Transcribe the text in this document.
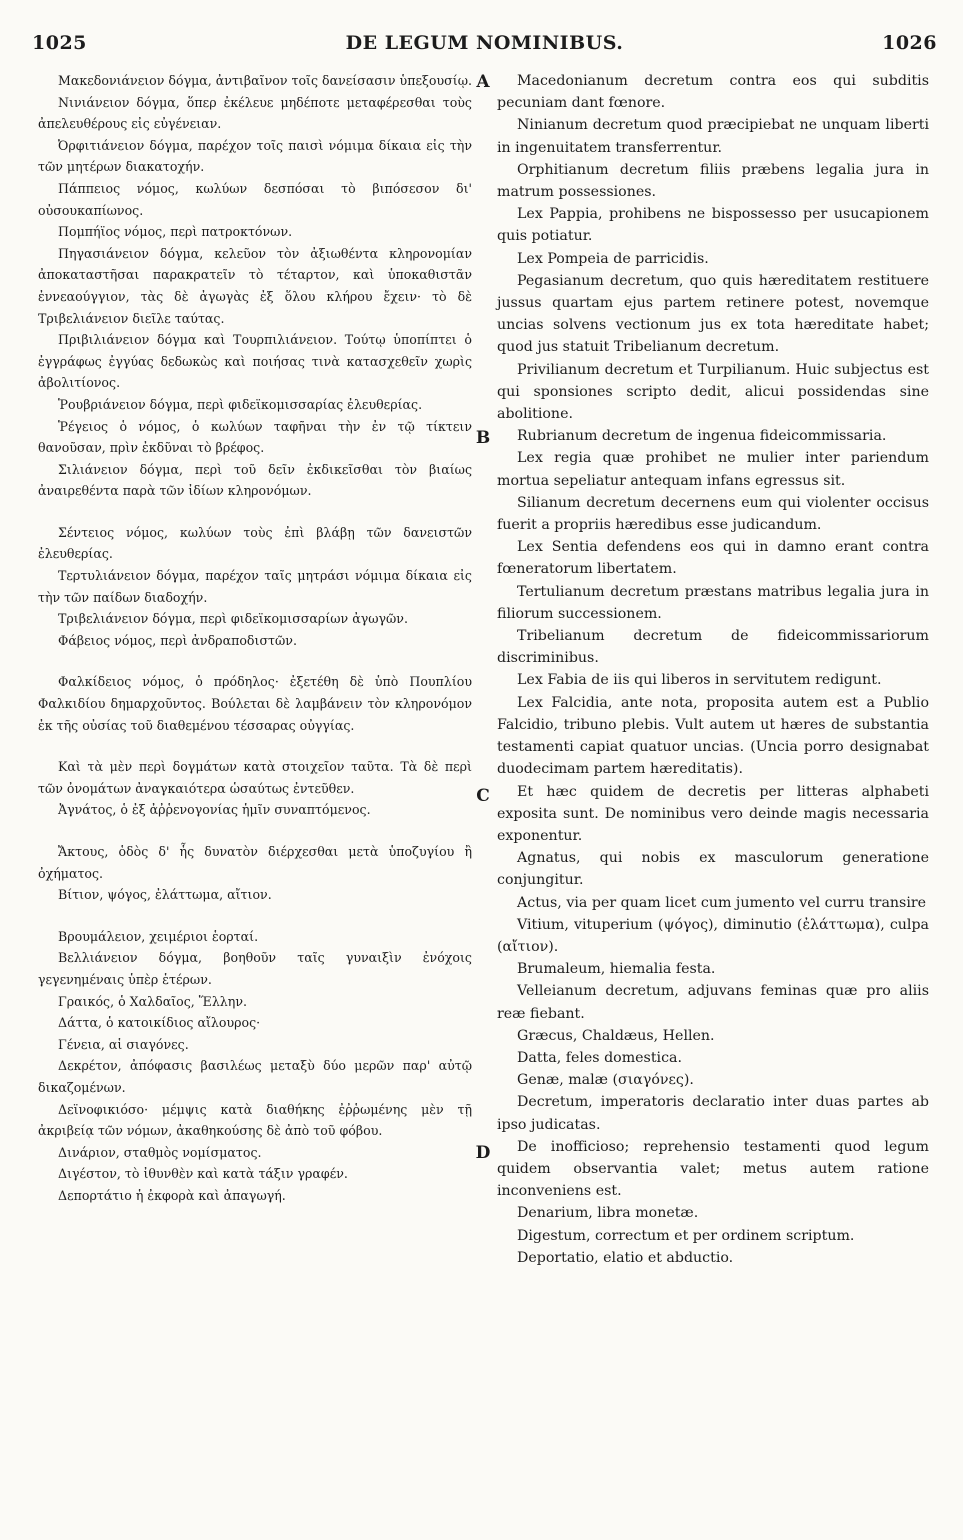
1025	DE LEGUM NOMINIBUS.	1026
A
B
C
D

Μακεδονιάνειον δόγμα, ἀντιβαῖνον τοῖς δανείσασιν ὑπεξουσίῳ.

Νινιάνειον δόγμα, ὅπερ ἐκέλευε μηδέποτε μεταφέρεσθαι τοὺς ἀπελευθέρους εἰς εὐγένειαν.

Ὀρφιτιάνειον δόγμα, παρέχον τοῖς παισὶ νόμιμα δίκαια εἰς τὴν τῶν μητέρων διακατοχήν.

Πάππειος νόμος, κωλύων δεσπόσαι τὸ βιπόσεσον δι' οὐσουκαπίωνος.

Πομπήϊος νόμος, περὶ πατροκτόνων.

Πηγασιάνειον δόγμα, κελεῦον τὸν ἀξιωθέντα κληρονομίαν ἀποκαταστῆσαι παρακρατεῖν τὸ τέταρτον, καὶ ὑποκαθιστᾶν ἐννεαούγγιον, τὰς δὲ ἀγωγὰς ἐξ ὅλου κλήρου ἔχειν· τὸ δὲ Τριβελιάνειον διεῖλε ταύτας.

Πριβιλιάνειον δόγμα καὶ Τουρπιλιάνειον. Τούτῳ ὑποπίπτει ὁ ἐγγράφως ἐγγύας δεδωκὼς καὶ ποιήσας τινὰ κατασχεθεῖν χωρὶς ἀβολιτίονος.

Ῥουβριάνειον δόγμα, περὶ φιδεϊκομισσαρίας ἐλευθερίας.

Ῥέγειος ὁ νόμος, ὁ κωλύων ταφῆναι τὴν ἐν τῷ τίκτειν θανοῦσαν, πρὶν ἐκδῦναι τὸ βρέφος.

Σιλιάνειον δόγμα, περὶ τοῦ δεῖν ἐκδικεῖσθαι τὸν βιαίως ἀναιρεθέντα παρὰ τῶν ἰδίων κληρονόμων.

Σέντειος νόμος, κωλύων τοὺς ἐπὶ βλάβῃ τῶν δανειστῶν ἐλευθερίας.

Τερτυλιάνειον δόγμα, παρέχον ταῖς μητράσι νόμιμα δίκαια εἰς τὴν τῶν παίδων διαδοχήν.

Τριβελιάνειον δόγμα, περὶ φιδεϊκομισσαρίων ἀγωγῶν.

Φάβειος νόμος, περὶ ἀνδραποδιστῶν.

Φαλκίδειος νόμος, ὁ πρόδηλος· ἐξετέθη δὲ ὑπὸ Πουπλίου Φαλκιδίου δημαρχοῦντος. Βούλεται δὲ λαμβάνειν τὸν κληρονόμον ἐκ τῆς οὐσίας τοῦ διαθεμένου τέσσαρας οὐγγίας.

Καὶ τὰ μὲν περὶ δογμάτων κατὰ στοιχεῖον ταῦτα. Τὰ δὲ περὶ τῶν ὀνομάτων ἀναγκαιότερα ὡσαύτως ἐντεῦθεν.

Ἀγνάτος, ὁ ἐξ ἀῤῥενογονίας ἡμῖν συναπτόμενος.

Ἄκτους, ὁδὸς δ' ἧς δυνατὸν διέρχεσθαι μετὰ ὑποζυγίου ἢ ὀχήματος.

Βίτιον, ψόγος, ἐλάττωμα, αἴτιον.

Βρουμάλειον, χειμέριοι ἑορταί.

Βελλιάνειον δόγμα, βοηθοῦν ταῖς γυναιξὶν ἐνόχοις γεγενημέναις ὑπὲρ ἑτέρων.

Γραικός, ὁ Χαλδαῖος, Ἕλλην.

Δάττα, ὁ κατοικίδιος αἴλουρος·

Γένεια, αἱ σιαγόνες.

Δεκρέτον, ἀπόφασις βασιλέως μεταξὺ δύο μερῶν παρ' αὐτῷ δικαζομένων.

Δεϊνοφικιόσο· μέμψις κατὰ διαθήκης ἐῤῥωμένης μὲν τῇ ἀκριβείᾳ τῶν νόμων, ἀκαθηκούσης δὲ ἀπὸ τοῦ φόβου.

Δινάριον, σταθμὸς νομίσματος.

Διγέστον, τὸ ἰθυνθὲν καὶ κατὰ τάξιν γραφέν.

Δεπορτάτιο ἡ ἐκφορὰ καὶ ἀπαγωγή.

Macedonianum decretum contra eos qui subditis pecuniam dant fœnore.

Ninianum decretum quod præcipiebat ne unquam liberti in ingenuitatem transferrentur.

Orphitianum decretum filiis præbens legalia jura in matrum possessiones.

Lex Pappia, prohibens ne bispossesso per usucapionem quis potiatur.

Lex Pompeia de parricidis.

Pegasianum decretum, quo quis hæreditatem restituere jussus quartam ejus partem retinere potest, novemque uncias solvens vectionum jus ex tota hæreditate habet; quod jus statuit Tribelianum decretum.

Privilianum decretum et Turpilianum. Huic subjectus est qui sponsiones scripto dedit, alicui possidendas sine abolitione.

Rubrianum decretum de ingenua fideicommissaria.

Lex regia quæ prohibet ne mulier inter pariendum mortua sepeliatur antequam infans egressus sit.

Silianum decretum decernens eum qui violenter occisus fuerit a propriis hæredibus esse judicandum.

Lex Sentia defendens eos qui in damno erant contra fœneratorum libertatem.

Tertulianum decretum præstans matribus legalia jura in filiorum successionem.

Tribelianum decretum de fideicommissariorum discriminibus.

Lex Fabia de iis qui liberos in servitutem redigunt.

Lex Falcidia, ante nota, proposita autem est a Publio Falcidio, tribuno plebis. Vult autem ut hæres de substantia testamenti capiat quatuor uncias. (Uncia porro designabat duodecimam partem hæreditatis).

Et hæc quidem de decretis per litteras alphabeti exposita sunt. De nominibus vero deinde magis necessaria exponentur.

Agnatus, qui nobis ex masculorum generatione conjungitur.

Actus, via per quam licet cum jumento vel curru transire

Vitium, vituperium (ψόγος), diminutio (ἐλάττωμα), culpa (αἴτιον).

Brumaleum, hiemalia festa.

Velleianum decretum, adjuvans feminas quæ pro aliis reæ fiebant.

Græcus, Chaldæus, Hellen.

Datta, feles domestica.

Genæ, malæ (σιαγόνες).

Decretum, imperatoris declaratio inter duas partes ab ipso judicatas.

De inofficioso; reprehensio testamenti quod legum quidem observantia valet; metus autem ratione inconveniens est.

Denarium, libra monetæ.

Digestum, correctum et per ordinem scriptum.

Deportatio, elatio et abductio.
